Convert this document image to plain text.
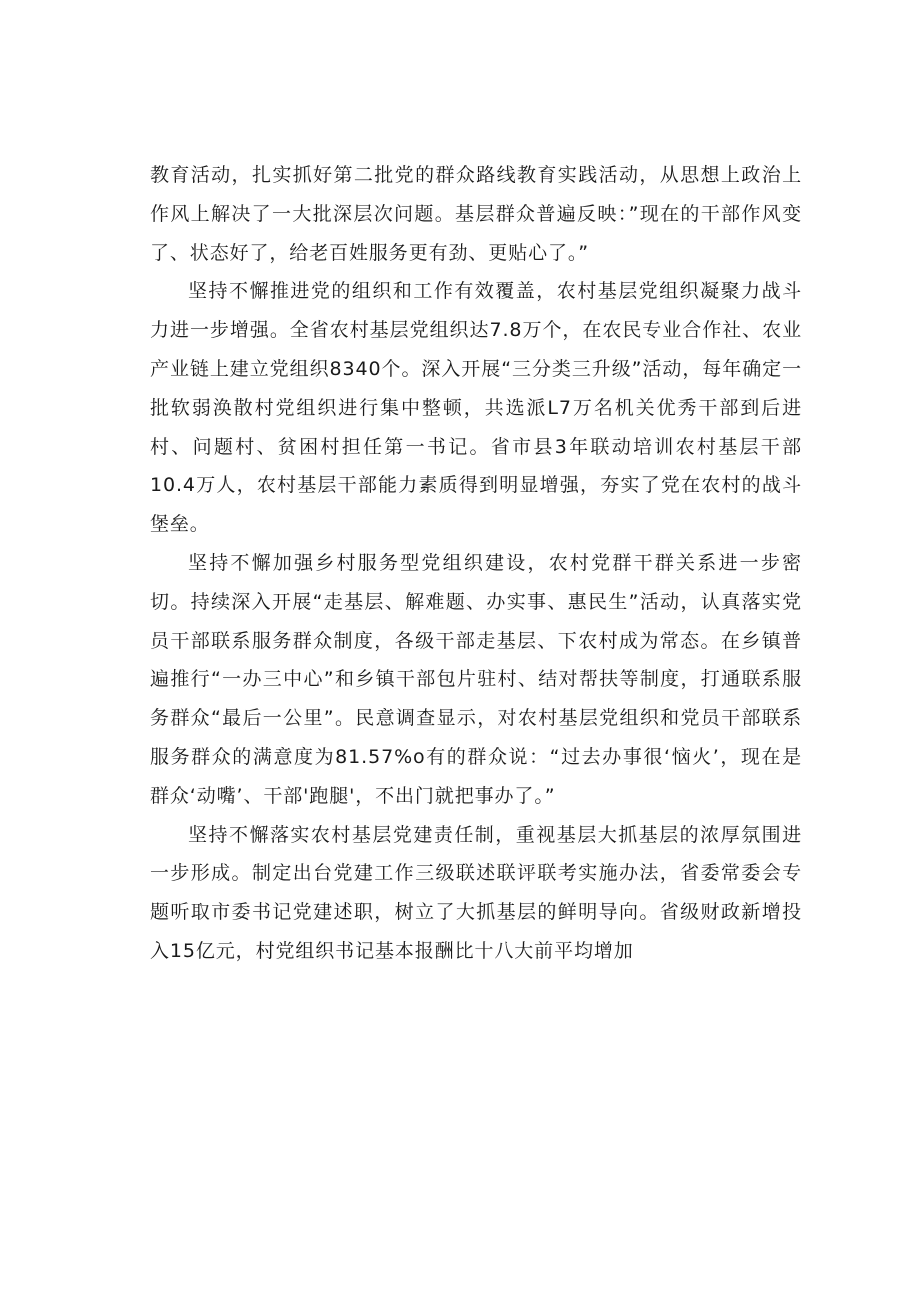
教育活动，扎实抓好第二批党的群众路线教育实践活动，从思想上政治上作风上解决了一大批深层次问题。基层群众普遍反映：”现在的干部作风变了、状态好了，给老百姓服务更有劲、更贴心了。”

坚持不懈推进党的组织和工作有效覆盖，农村基层党组织凝聚力战斗力进一步增强。全省农村基层党组织达7.8万个，在农民专业合作社、农业产业链上建立党组织8340个。深入开展“三分类三升级”活动，每年确定一批软弱涣散村党组织进行集中整顿，共选派L7万名机关优秀干部到后进村、问题村、贫困村担任第一书记。省市县3年联动培训农村基层干部10.4万人，农村基层干部能力素质得到明显增强，夯实了党在农村的战斗堡垒。

坚持不懈加强乡村服务型党组织建设，农村党群干群关系进一步密切。持续深入开展“走基层、解难题、办实事、惠民生”活动，认真落实党员干部联系服务群众制度，各级干部走基层、下农村成为常态。在乡镇普遍推行“一办三中心”和乡镇干部包片驻村、结对帮扶等制度，打通联系服务群众“最后一公里”。民意调查显示，对农村基层党组织和党员干部联系服务群众的满意度为81.57%o有的群众说：“过去办事很‘恼火’，现在是群众‘动嘴’、干部'跑腿'，不出门就把事办了。”

坚持不懈落实农村基层党建责任制，重视基层大抓基层的浓厚氛围进一步形成。制定出台党建工作三级联述联评联考实施办法，省委常委会专题听取市委书记党建述职，树立了大抓基层的鲜明导向。省级财政新增投入15亿元，村党组织书记基本报酬比十八大前平均增加
